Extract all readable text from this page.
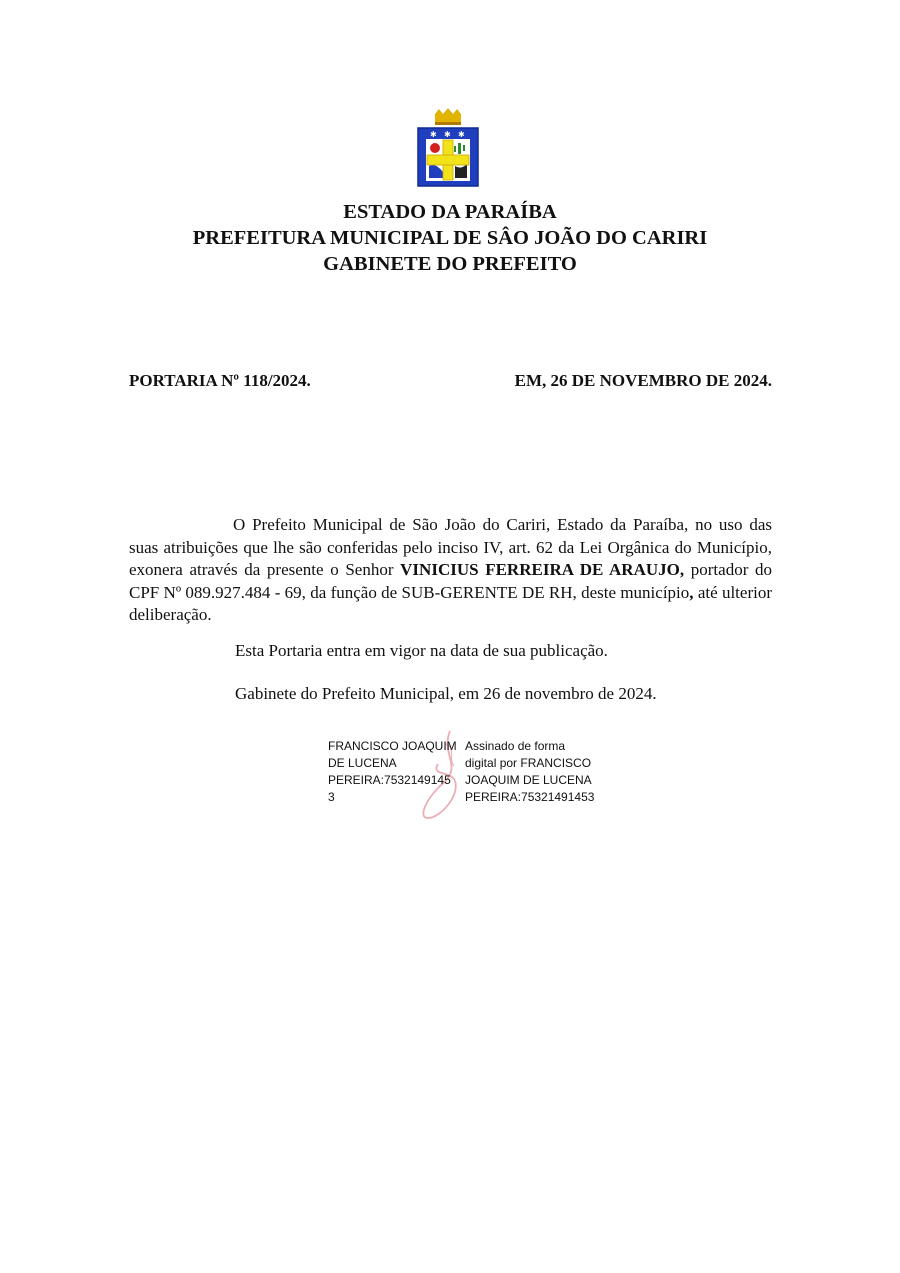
✱ ✱ ✱
ESTADO DA PARAÍBA
PREFEITURA MUNICIPAL DE SÂO JOÃO DO CARIRI
GABINETE DO PREFEITO
PORTARIA Nº 118/2024.	EM, 26 DE NOVEMBRO DE 2024.
O Prefeito Municipal de São João do Cariri, Estado da Paraíba, no uso das suas atribuições que lhe são conferidas pelo inciso IV, art. 62 da Lei Orgânica do Município, exonera através da presente o Senhor VINICIUS FERREIRA DE ARAUJO, portador do CPF Nº 089.927.484 - 69, da função de SUB-GERENTE DE RH, deste município, até ulterior deliberação.
Esta Portaria entra em vigor na data de sua publicação.
Gabinete do Prefeito Municipal, em 26 de novembro de 2024.
FRANCISCO JOAQUIM
DE LUCENA
PEREIRA:7532149145
3
Assinado de forma
digital por FRANCISCO
JOAQUIM DE LUCENA
PEREIRA:75321491453
